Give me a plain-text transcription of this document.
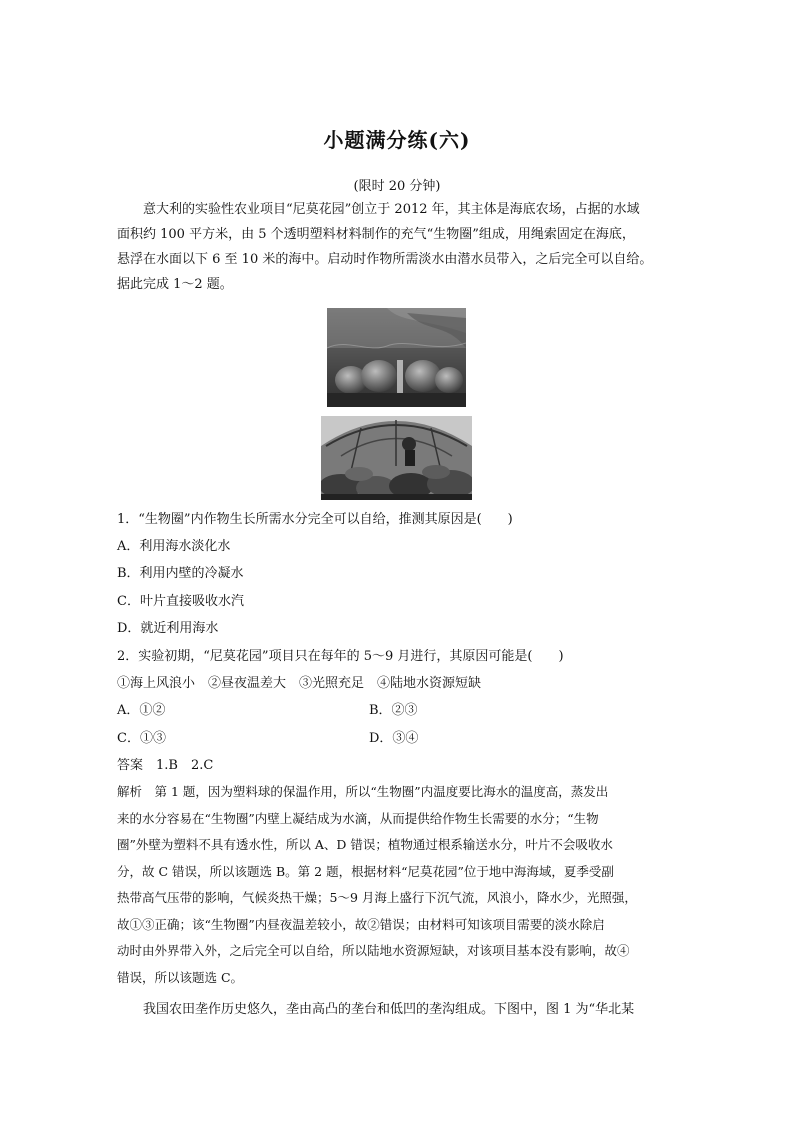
小题满分练(六)
(限时 20 分钟)

意大利的实验性农业项目“尼莫花园”创立于 2012 年，其主体是海底农场，占据的水域

面积约 100 平方米，由 5 个透明塑料材料制作的充气“生物圈”组成，用绳索固定在海底，

悬浮在水面以下 6 至 10 米的海中。启动时作物所需淡水由潜水员带入，之后完全可以自给。

据此完成 1～2 题。

1．“生物圈”内作物生长所需水分完全可以自给，推测其原因是(　　)
A．利用海水淡化水
B．利用内壁的冷凝水
C．叶片直接吸收水汽
D．就近利用海水
2．实验初期，“尼莫花园”项目只在每年的 5～9 月进行，其原因可能是(　　)
①海上风浪小　②昼夜温差大　③光照充足　④陆地水资源短缺
A．①②	B．②③
C．①③	D．③④
答案　1.B　2.C

解析　第 1 题，因为塑料球的保温作用，所以“生物圈”内温度要比海水的温度高，蒸发出

来的水分容易在“生物圈”内壁上凝结成为水滴，从而提供给作物生长需要的水分；“生物

圈”外壁为塑料不具有透水性，所以 A、D 错误；植物通过根系输送水分，叶片不会吸收水

分，故 C 错误，所以该题选 B。第 2 题，根据材料“尼莫花园”位于地中海海域，夏季受副

热带高气压带的影响，气候炎热干燥；5～9 月海上盛行下沉气流，风浪小，降水少，光照强，

故①③正确；该“生物圈”内昼夜温差较小，故②错误；由材料可知该项目需要的淡水除启

动时由外界带入外，之后完全可以自给，所以陆地水资源短缺，对该项目基本没有影响，故④

错误，所以该题选 C。

我国农田垄作历史悠久，垄由高凸的垄台和低凹的垄沟组成。下图中，图 1 为“华北某
